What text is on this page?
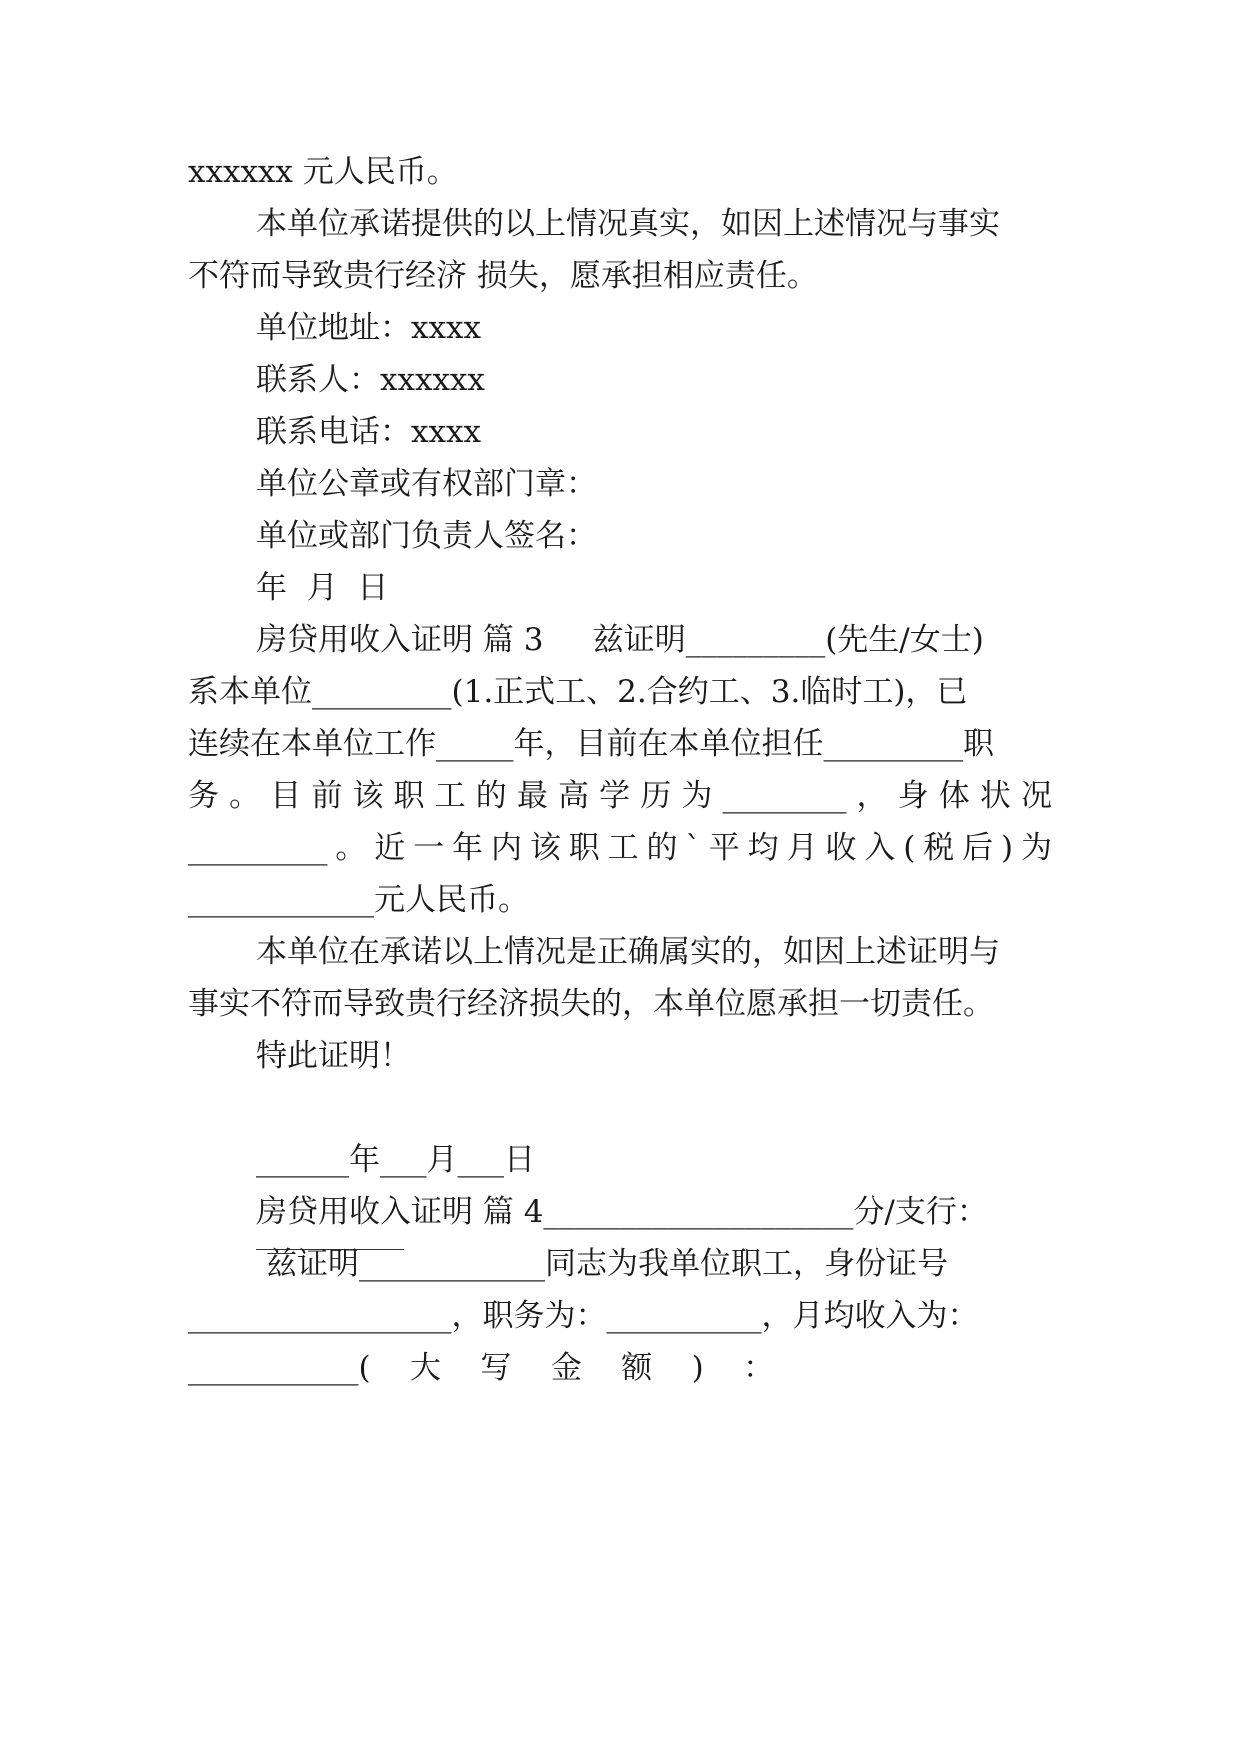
xxxxxx 元人民币。
本单位承诺提供的以上情况真实，如因上述情况与事实
不符而导致贵行经济 损失，愿承担相应责任。
单位地址：xxxx
联系人：xxxxxx
联系电话：xxxx
单位公章或有权部门章：
单位或部门负责人签名：
年  月  日
房贷用收入证明 篇 3     兹证明_________(先生/女士)
系本单位_________(1.正式工、2.合约工、3.临时工)，已
连续在本单位工作_____年，目前在本单位担任_________职
务。目前该职工的最高学历为________，身体状况
_________。近一年内该职工的`平均月收入(税后)为
____________元人民币。
本单位在承诺以上情况是正确属实的，如因上述证明与
事实不符而导致贵行经济损失的，本单位愿承担一切责任。
特此证明！
______年___月___日
房贷用收入证明 篇 4____________________分/支行：
兹证明____________同志为我单位职工，身份证号
_________________，职务为：__________，月均收入为：
___________(    大    写    金    额    )    ：
